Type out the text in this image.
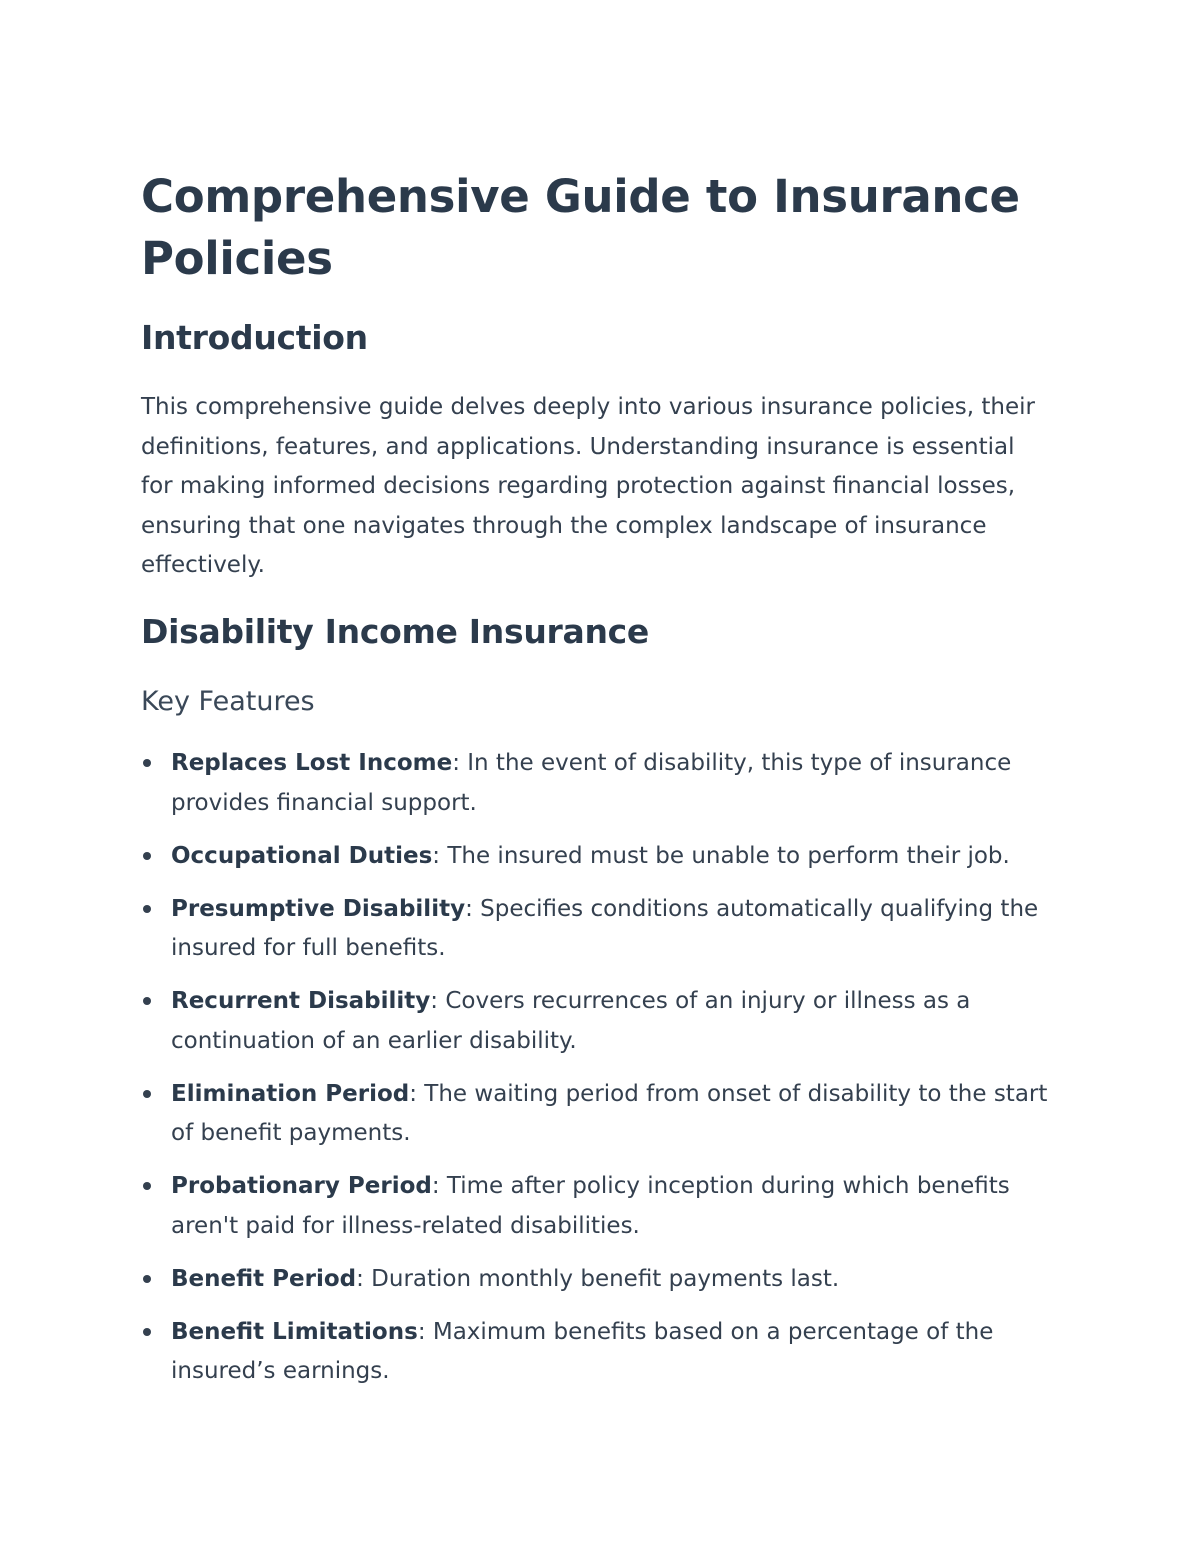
Comprehensive Guide to Insurance Policies
Introduction

This comprehensive guide delves deeply into various insurance policies, their definitions, features, and applications. Understanding insurance is essential for making informed decisions regarding protection against financial losses, ensuring that one navigates through the complex landscape of insurance effectively.

Disability Income Insurance
Key Features
Replaces Lost Income: In the event of disability, this type of insurance provides financial support.
Occupational Duties: The insured must be unable to perform their job.
Presumptive Disability: Specifies conditions automatically qualifying the insured for full benefits.
Recurrent Disability: Covers recurrences of an injury or illness as a continuation of an earlier disability.
Elimination Period: The waiting period from onset of disability to the start of benefit payments.
Probationary Period: Time after policy inception during which benefits aren't paid for illness-related disabilities.
Benefit Period: Duration monthly benefit payments last.
Benefit Limitations: Maximum benefits based on a percentage of the insured’s earnings.
